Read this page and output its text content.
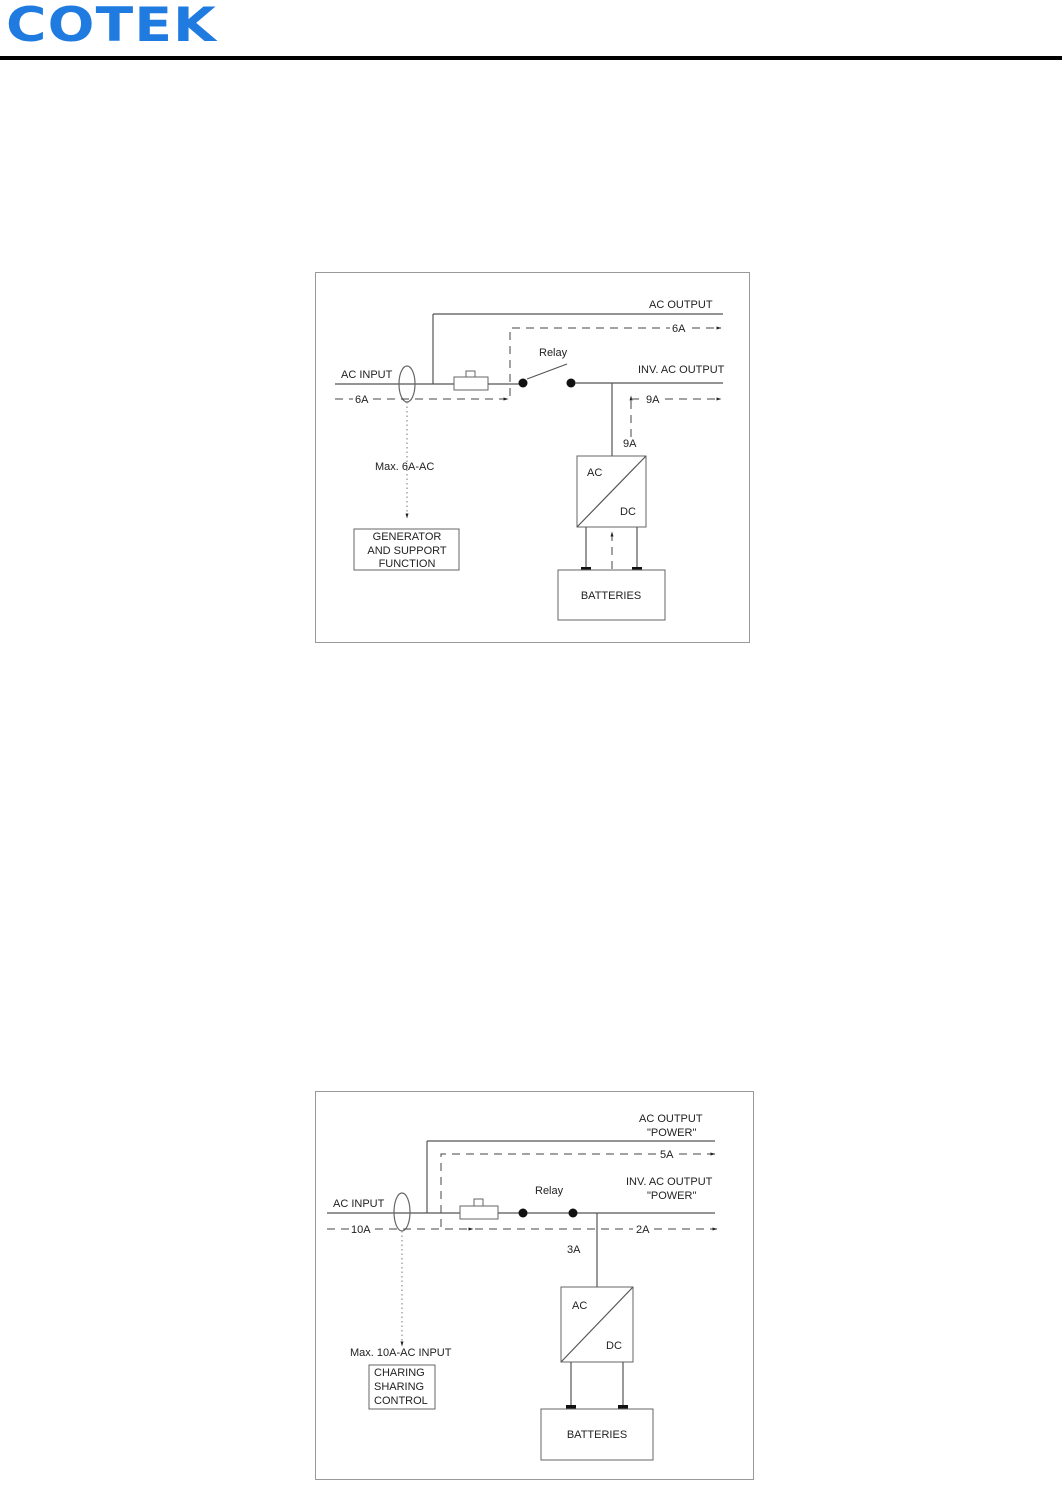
COTEK
AC OUTPUT
6A
AC INPUT
6A
Relay
INV. AC OUTPUT
9A
9A
AC
DC
BATTERIES
Max. 6A-AC
GENERATOR
AND SUPPORT
FUNCTION
AC OUTPUT
"POWER"
5A
INV. AC OUTPUT
"POWER"
Relay
AC INPUT
10A	2A
3A
AC
DC
BATTERIES
Max. 10A-AC INPUT
CHARING
SHARING
CONTROL
